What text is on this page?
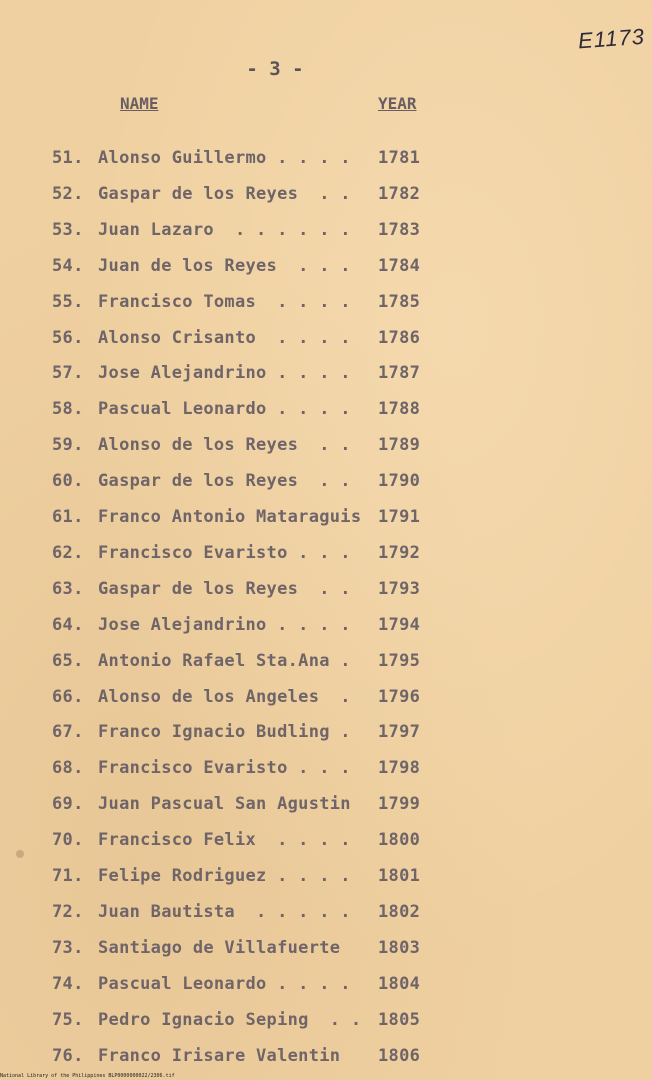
E1173
- 3 -
NAME	YEAR
51. Alonso Guillermo . . . . 1781
52. Gaspar de los Reyes  . . 1782
53. Juan Lazaro  . . . . . . 1783
54. Juan de los Reyes  . . . 1784
55. Francisco Tomas  . . . . 1785
56. Alonso Crisanto  . . . . 1786
57. Jose Alejandrino . . . . 1787
58. Pascual Leonardo . . . . 1788
59. Alonso de los Reyes  . . 1789
60. Gaspar de los Reyes  . . 1790
61. Franco Antonio Mataraguis 1791
62. Francisco Evaristo . . . 1792
63. Gaspar de los Reyes  . . 1793
64. Jose Alejandrino . . . . 1794
65. Antonio Rafael Sta.Ana . 1795
66. Alonso de los Angeles  . 1796
67. Franco Ignacio Budling . 1797
68. Francisco Evaristo . . . 1798
69. Juan Pascual San Agustin 1799
70. Francisco Felix  . . . . 1800
71. Felipe Rodriguez . . . . 1801
72. Juan Bautista  . . . . . 1802
73. Santiago de Villafuerte 1803
74. Pascual Leonardo . . . . 1804
75. Pedro Ignacio Seping  . . 1805
76. Franco Irisare Valentin 1806
National Library of the Philippines BLP0000000022/2306.tif
